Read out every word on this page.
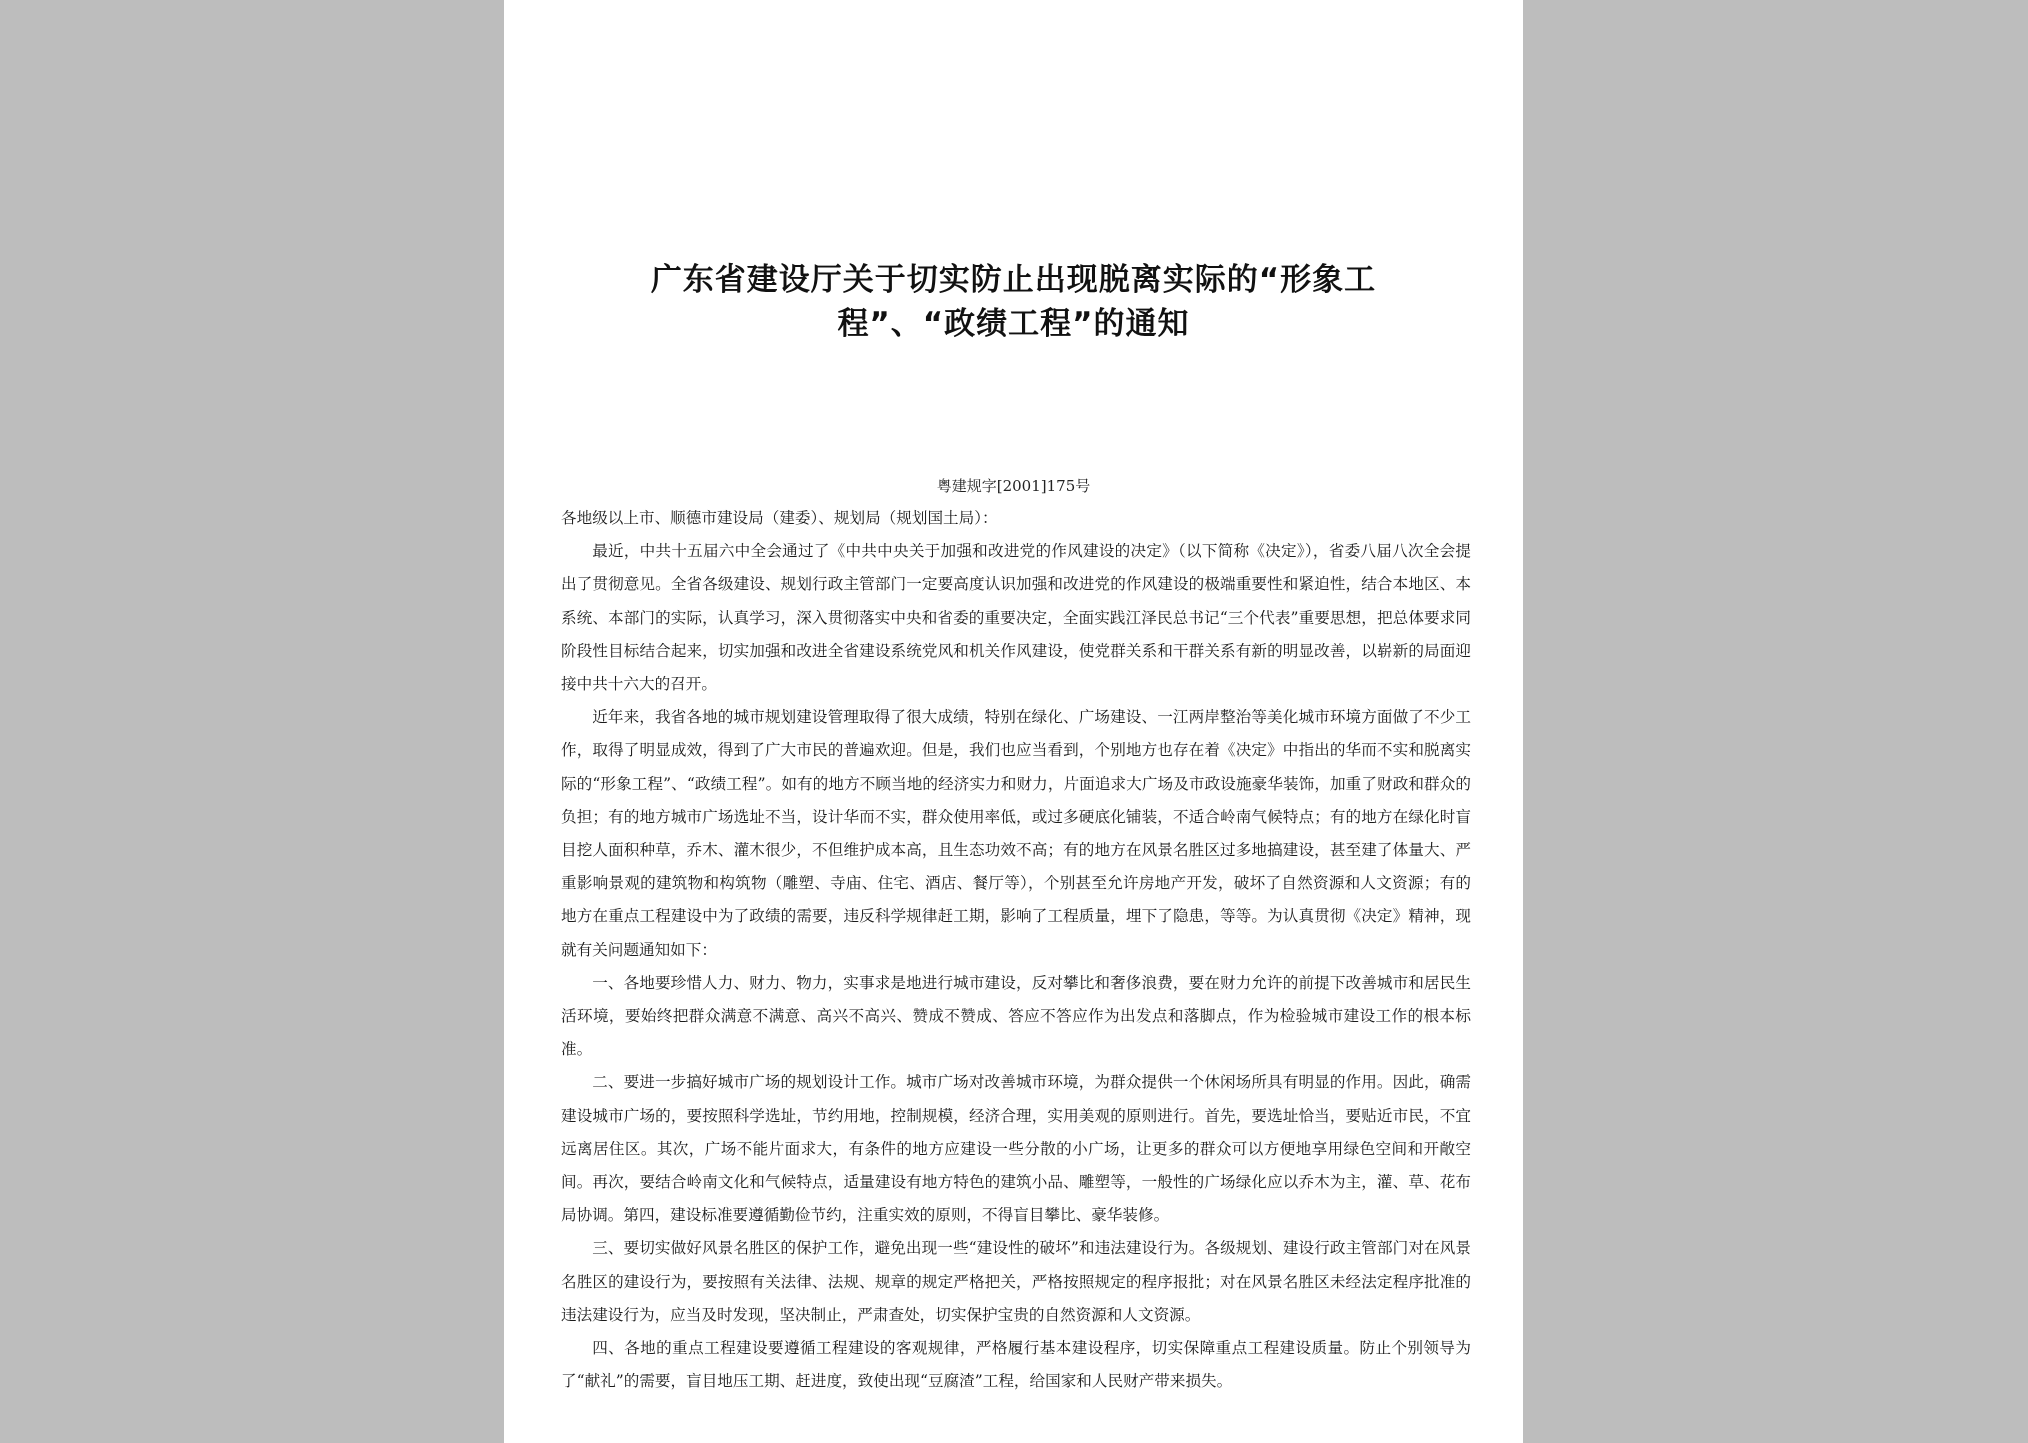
广东省建设厅关于切实防止出现脱离实际的“形象工
程”、“政绩工程”的通知
粤建规字[2001]175号

各地级以上市、顺德市建设局（建委）、规划局（规划国土局）：

最近，中共十五届六中全会通过了《中共中央关于加强和改进党的作风建设的决定》（以下简称《决定》），省委八届八次全会提出了贯彻意见。全省各级建设、规划行政主管部门一定要高度认识加强和改进党的作风建设的极端重要性和紧迫性，结合本地区、本系统、本部门的实际，认真学习，深入贯彻落实中央和省委的重要决定，全面实践江泽民总书记“三个代表”重要思想，把总体要求同阶段性目标结合起来，切实加强和改进全省建设系统党风和机关作风建设，使党群关系和干群关系有新的明显改善，以崭新的局面迎接中共十六大的召开。

近年来，我省各地的城市规划建设管理取得了很大成绩，特别在绿化、广场建设、一江两岸整治等美化城市环境方面做了不少工作，取得了明显成效，得到了广大市民的普遍欢迎。但是，我们也应当看到，个别地方也存在着《决定》中指出的华而不实和脱离实际的“形象工程”、“政绩工程”。如有的地方不顾当地的经济实力和财力，片面追求大广场及市政设施豪华装饰，加重了财政和群众的负担；有的地方城市广场选址不当，设计华而不实，群众使用率低，或过多硬底化铺装，不适合岭南气候特点；有的地方在绿化时盲目挖人面积种草，乔木、灌木很少，不但维护成本高，且生态功效不高；有的地方在风景名胜区过多地搞建设，甚至建了体量大、严重影响景观的建筑物和构筑物（雕塑、寺庙、住宅、酒店、餐厅等），个别甚至允许房地产开发，破坏了自然资源和人文资源；有的地方在重点工程建设中为了政绩的需要，违反科学规律赶工期，影响了工程质量，埋下了隐患，等等。为认真贯彻《决定》精神，现就有关问题通知如下：

一、各地要珍惜人力、财力、物力，实事求是地进行城市建设，反对攀比和奢侈浪费，要在财力允许的前提下改善城市和居民生活环境，要始终把群众满意不满意、高兴不高兴、赞成不赞成、答应不答应作为出发点和落脚点，作为检验城市建设工作的根本标准。

二、要进一步搞好城市广场的规划设计工作。城市广场对改善城市环境，为群众提供一个休闲场所具有明显的作用。因此，确需建设城市广场的，要按照科学选址，节约用地，控制规模，经济合理，实用美观的原则进行。首先，要选址恰当，要贴近市民，不宜远离居住区。其次，广场不能片面求大，有条件的地方应建设一些分散的小广场，让更多的群众可以方便地享用绿色空间和开敞空间。再次，要结合岭南文化和气候特点，适量建设有地方特色的建筑小品、雕塑等，一般性的广场绿化应以乔木为主，灌、草、花布局协调。第四，建设标准要遵循勤俭节约，注重实效的原则，不得盲目攀比、豪华装修。

三、要切实做好风景名胜区的保护工作，避免出现一些“建设性的破坏”和违法建设行为。各级规划、建设行政主管部门对在风景名胜区的建设行为，要按照有关法律、法规、规章的规定严格把关，严格按照规定的程序报批；对在风景名胜区未经法定程序批准的违法建设行为，应当及时发现，坚决制止，严肃查处，切实保护宝贵的自然资源和人文资源。

四、各地的重点工程建设要遵循工程建设的客观规律，严格履行基本建设程序，切实保障重点工程建设质量。防止个别领导为了“献礼”的需要，盲目地压工期、赶进度，致使出现“豆腐渣”工程，给国家和人民财产带来损失。
